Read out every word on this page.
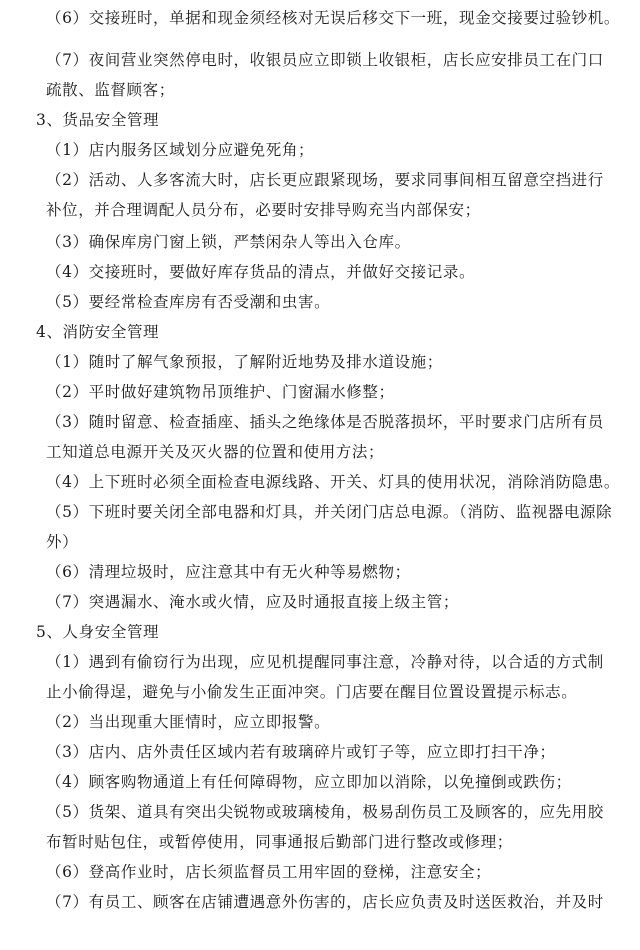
（6）交接班时，单据和现金须经核对无误后移交下一班，现金交接要过验钞机。
（7）夜间营业突然停电时，收银员应立即锁上收银柜，店长应安排员工在门口
疏散、监督顾客；
3、货品安全管理
（1）店内服务区域划分应避免死角；
（2）活动、人多客流大时，店长更应跟紧现场，要求同事间相互留意空挡进行
补位，并合理调配人员分布，必要时安排导购充当内部保安；
（3）确保库房门窗上锁，严禁闲杂人等出入仓库。
（4）交接班时，要做好库存货品的清点，并做好交接记录。
（5）要经常检查库房有否受潮和虫害。
4、消防安全管理
（1）随时了解气象预报，了解附近地势及排水道设施；
（2）平时做好建筑物吊顶维护、门窗漏水修整；
（3）随时留意、检查插座、插头之绝缘体是否脱落损坏，平时要求门店所有员
工知道总电源开关及灭火器的位置和使用方法；
（4）上下班时必须全面检查电源线路、开关、灯具的使用状况，消除消防隐患。
（5）下班时要关闭全部电器和灯具，并关闭门店总电源。（消防、监视器电源除
外）
（6）清理垃圾时，应注意其中有无火种等易燃物；
（7）突遇漏水、淹水或火情，应及时通报直接上级主管；
5、人身安全管理
（1）遇到有偷窃行为出现，应见机提醒同事注意，冷静对待，以合适的方式制
止小偷得逞，避免与小偷发生正面冲突。门店要在醒目位置设置提示标志。
（2）当出现重大匪情时，应立即报警。
（3）店内、店外责任区域内若有玻璃碎片或钉子等，应立即打扫干净；
（4）顾客购物通道上有任何障碍物，应立即加以消除，以免撞倒或跌伤；
（5）货架、道具有突出尖锐物或玻璃棱角，极易刮伤员工及顾客的，应先用胶
布暂时贴包住，或暂停使用，同事通报后勤部门进行整改或修理；
（6）登高作业时，店长须监督员工用牢固的登梯，注意安全；
（7）有员工、顾客在店铺遭遇意外伤害的，店长应负责及时送医救治，并及时
